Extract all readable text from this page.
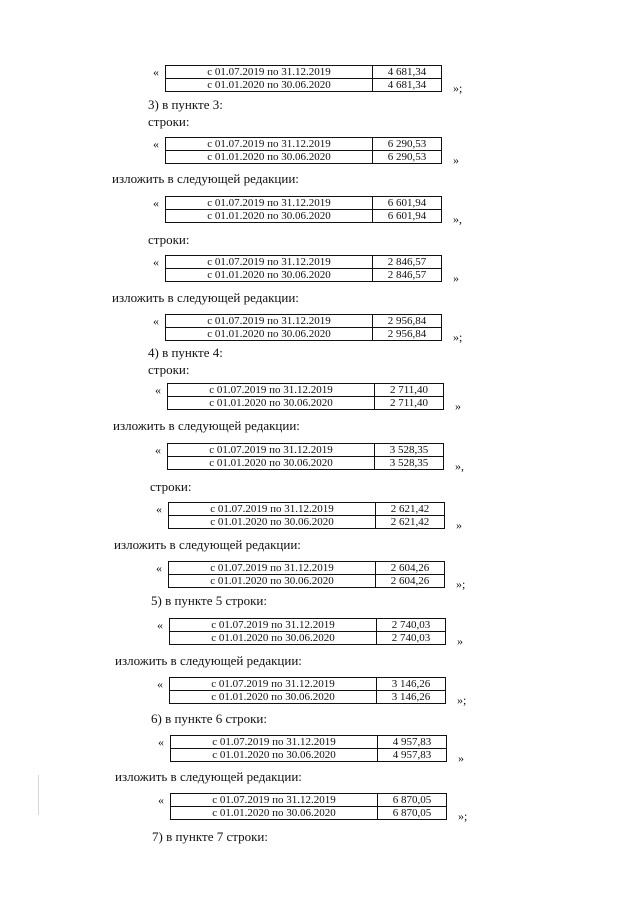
«	с 01.07.2019 по 31.12.2019	4 681,34
с 01.01.2020 по 30.06.2020	4 681,34 »;
3) в пункте 3:
строки:
«	с 01.07.2019 по 31.12.2019	6 290,53
с 01.01.2020 по 30.06.2020	6 290,53 »
изложить в следующей редакции:
«	с 01.07.2019 по 31.12.2019	6 601,94
с 01.01.2020 по 30.06.2020	6 601,94 »,
строки:
«	с 01.07.2019 по 31.12.2019	2 846,57
с 01.01.2020 по 30.06.2020	2 846,57 »
изложить в следующей редакции:
«	с 01.07.2019 по 31.12.2019	2 956,84
с 01.01.2020 по 30.06.2020	2 956,84 »;
4) в пункте 4:
строки:
«	с 01.07.2019 по 31.12.2019	2 711,40
с 01.01.2020 по 30.06.2020	2 711,40 »
изложить в следующей редакции:
«	с 01.07.2019 по 31.12.2019	3 528,35
с 01.01.2020 по 30.06.2020	3 528,35 »,
строки:
«	с 01.07.2019 по 31.12.2019	2 621,42
с 01.01.2020 по 30.06.2020	2 621,42 »
изложить в следующей редакции:
«	с 01.07.2019 по 31.12.2019	2 604,26
с 01.01.2020 по 30.06.2020	2 604,26 »;
5) в пункте 5 строки:
«	с 01.07.2019 по 31.12.2019	2 740,03
с 01.01.2020 по 30.06.2020	2 740,03 »
изложить в следующей редакции:
«	с 01.07.2019 по 31.12.2019	3 146,26
с 01.01.2020 по 30.06.2020	3 146,26 »;
6) в пункте 6 строки:
«	с 01.07.2019 по 31.12.2019	4 957,83
с 01.01.2020 по 30.06.2020	4 957,83 »
изложить в следующей редакции:
«	с 01.07.2019 по 31.12.2019	6 870,05
с 01.01.2020 по 30.06.2020	6 870,05 »;
7) в пункте 7 строки:
